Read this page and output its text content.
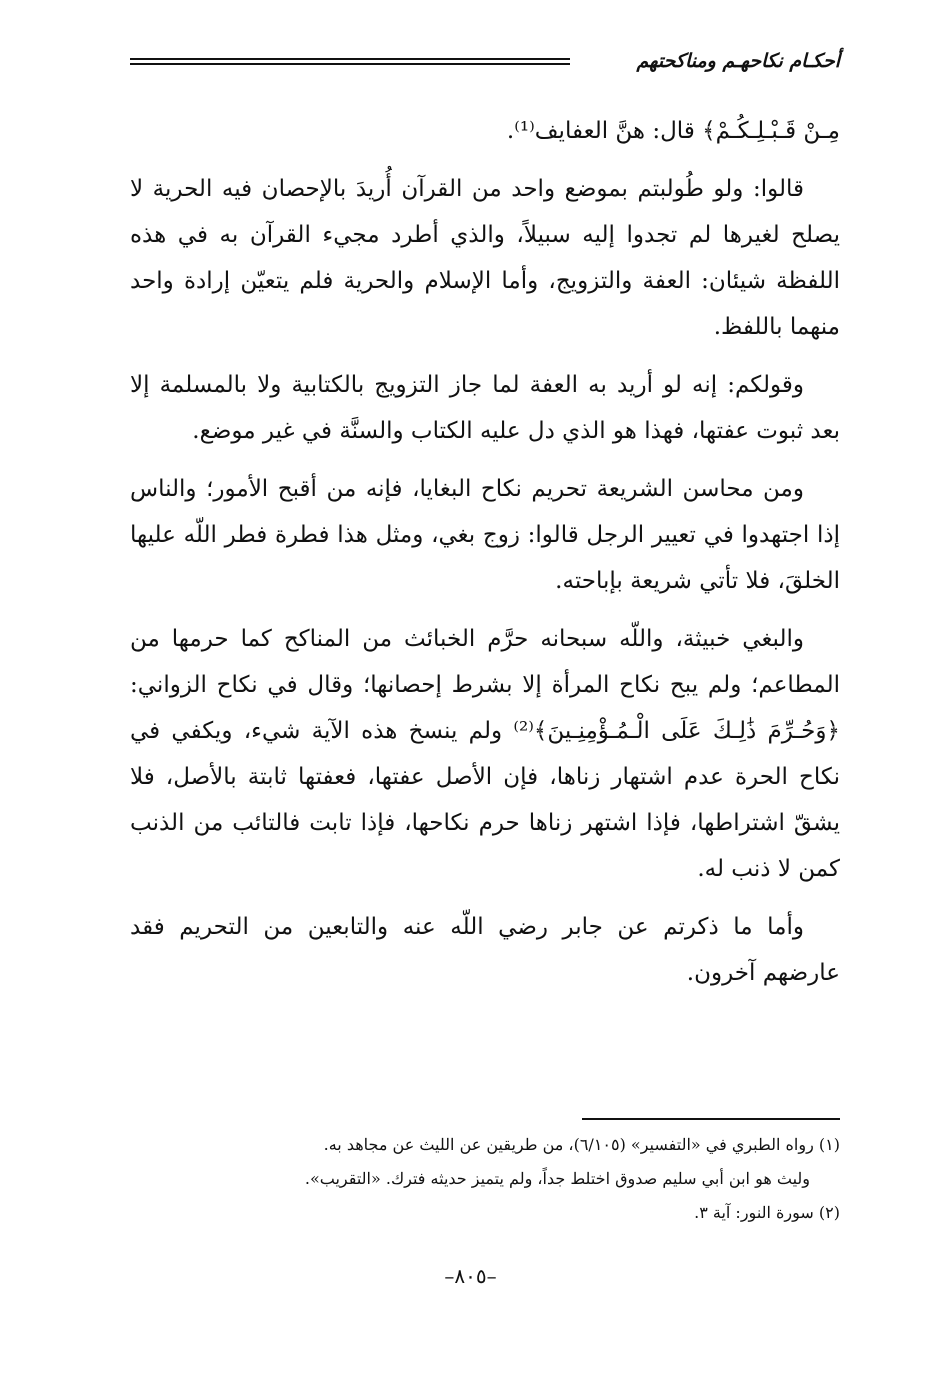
أحكـام نكاحهـم ومناكحتهم

مِـنْ قَـبْـلِـكُـمْ﴾ قال: هنَّ العفايف⁽¹⁾.

قالوا: ولو طُولبتم بموضع واحد من القرآن أُريدَ بالإحصان فيه الحرية لا يصلح لغيرها لم تجدوا إليه سبيلاً، والذي أطرد مجيء القرآن به في هذه اللفظة شيئان: العفة والتزويج، وأما الإسلام والحرية فلم يتعيّن إرادة واحد منهما باللفظ.

وقولكم: إنه لو أريد به العفة لما جاز التزويج بالكتابية ولا بالمسلمة إلا بعد ثبوت عفتها، فهذا هو الذي دل عليه الكتاب والسنَّة في غير موضع.

ومن محاسن الشريعة تحريم نكاح البغايا، فإنه من أقبح الأمور؛ والناس إذا اجتهدوا في تعيير الرجل قالوا: زوج بغي، ومثل هذا فطرة فطر اللّه عليها الخلقَ، فلا تأتي شريعة بإباحته.

والبغي خبيثة، واللّه سبحانه حرَّم الخبائث من المناكح كما حرمها من المطاعم؛ ولم يبح نكاح المرأة إلا بشرط إحصانها؛ وقال في نكاح الزواني: ﴿وَحُـرِّمَ ذَٰلِـكَ عَلَى الْـمُـؤْمِنِـينَ﴾⁽²⁾ ولم ينسخ هذه الآية شيء، ويكفي في نكاح الحرة عدم اشتهار زناها، فإن الأصل عفتها، فعفتها ثابتة بالأصل، فلا يشقّ اشتراطها، فإذا اشتهر زناها حرم نكاحها، فإذا تابت فالتائب من الذنب كمن لا ذنب له.

وأما ما ذكرتم عن جابر رضي اللّه عنه والتابعين من التحريم فقد عارضهم آخرون.

(١) رواه الطبري في «التفسير» (٦/١٠٥)، من طريقين عن الليث عن مجاهد به.

وليث هو ابن أبي سليم صدوق اختلط جداً، ولم يتميز حديثه فترك. «التقريب».

(٢) سورة النور: آية ٣.

–٨٠٥–
